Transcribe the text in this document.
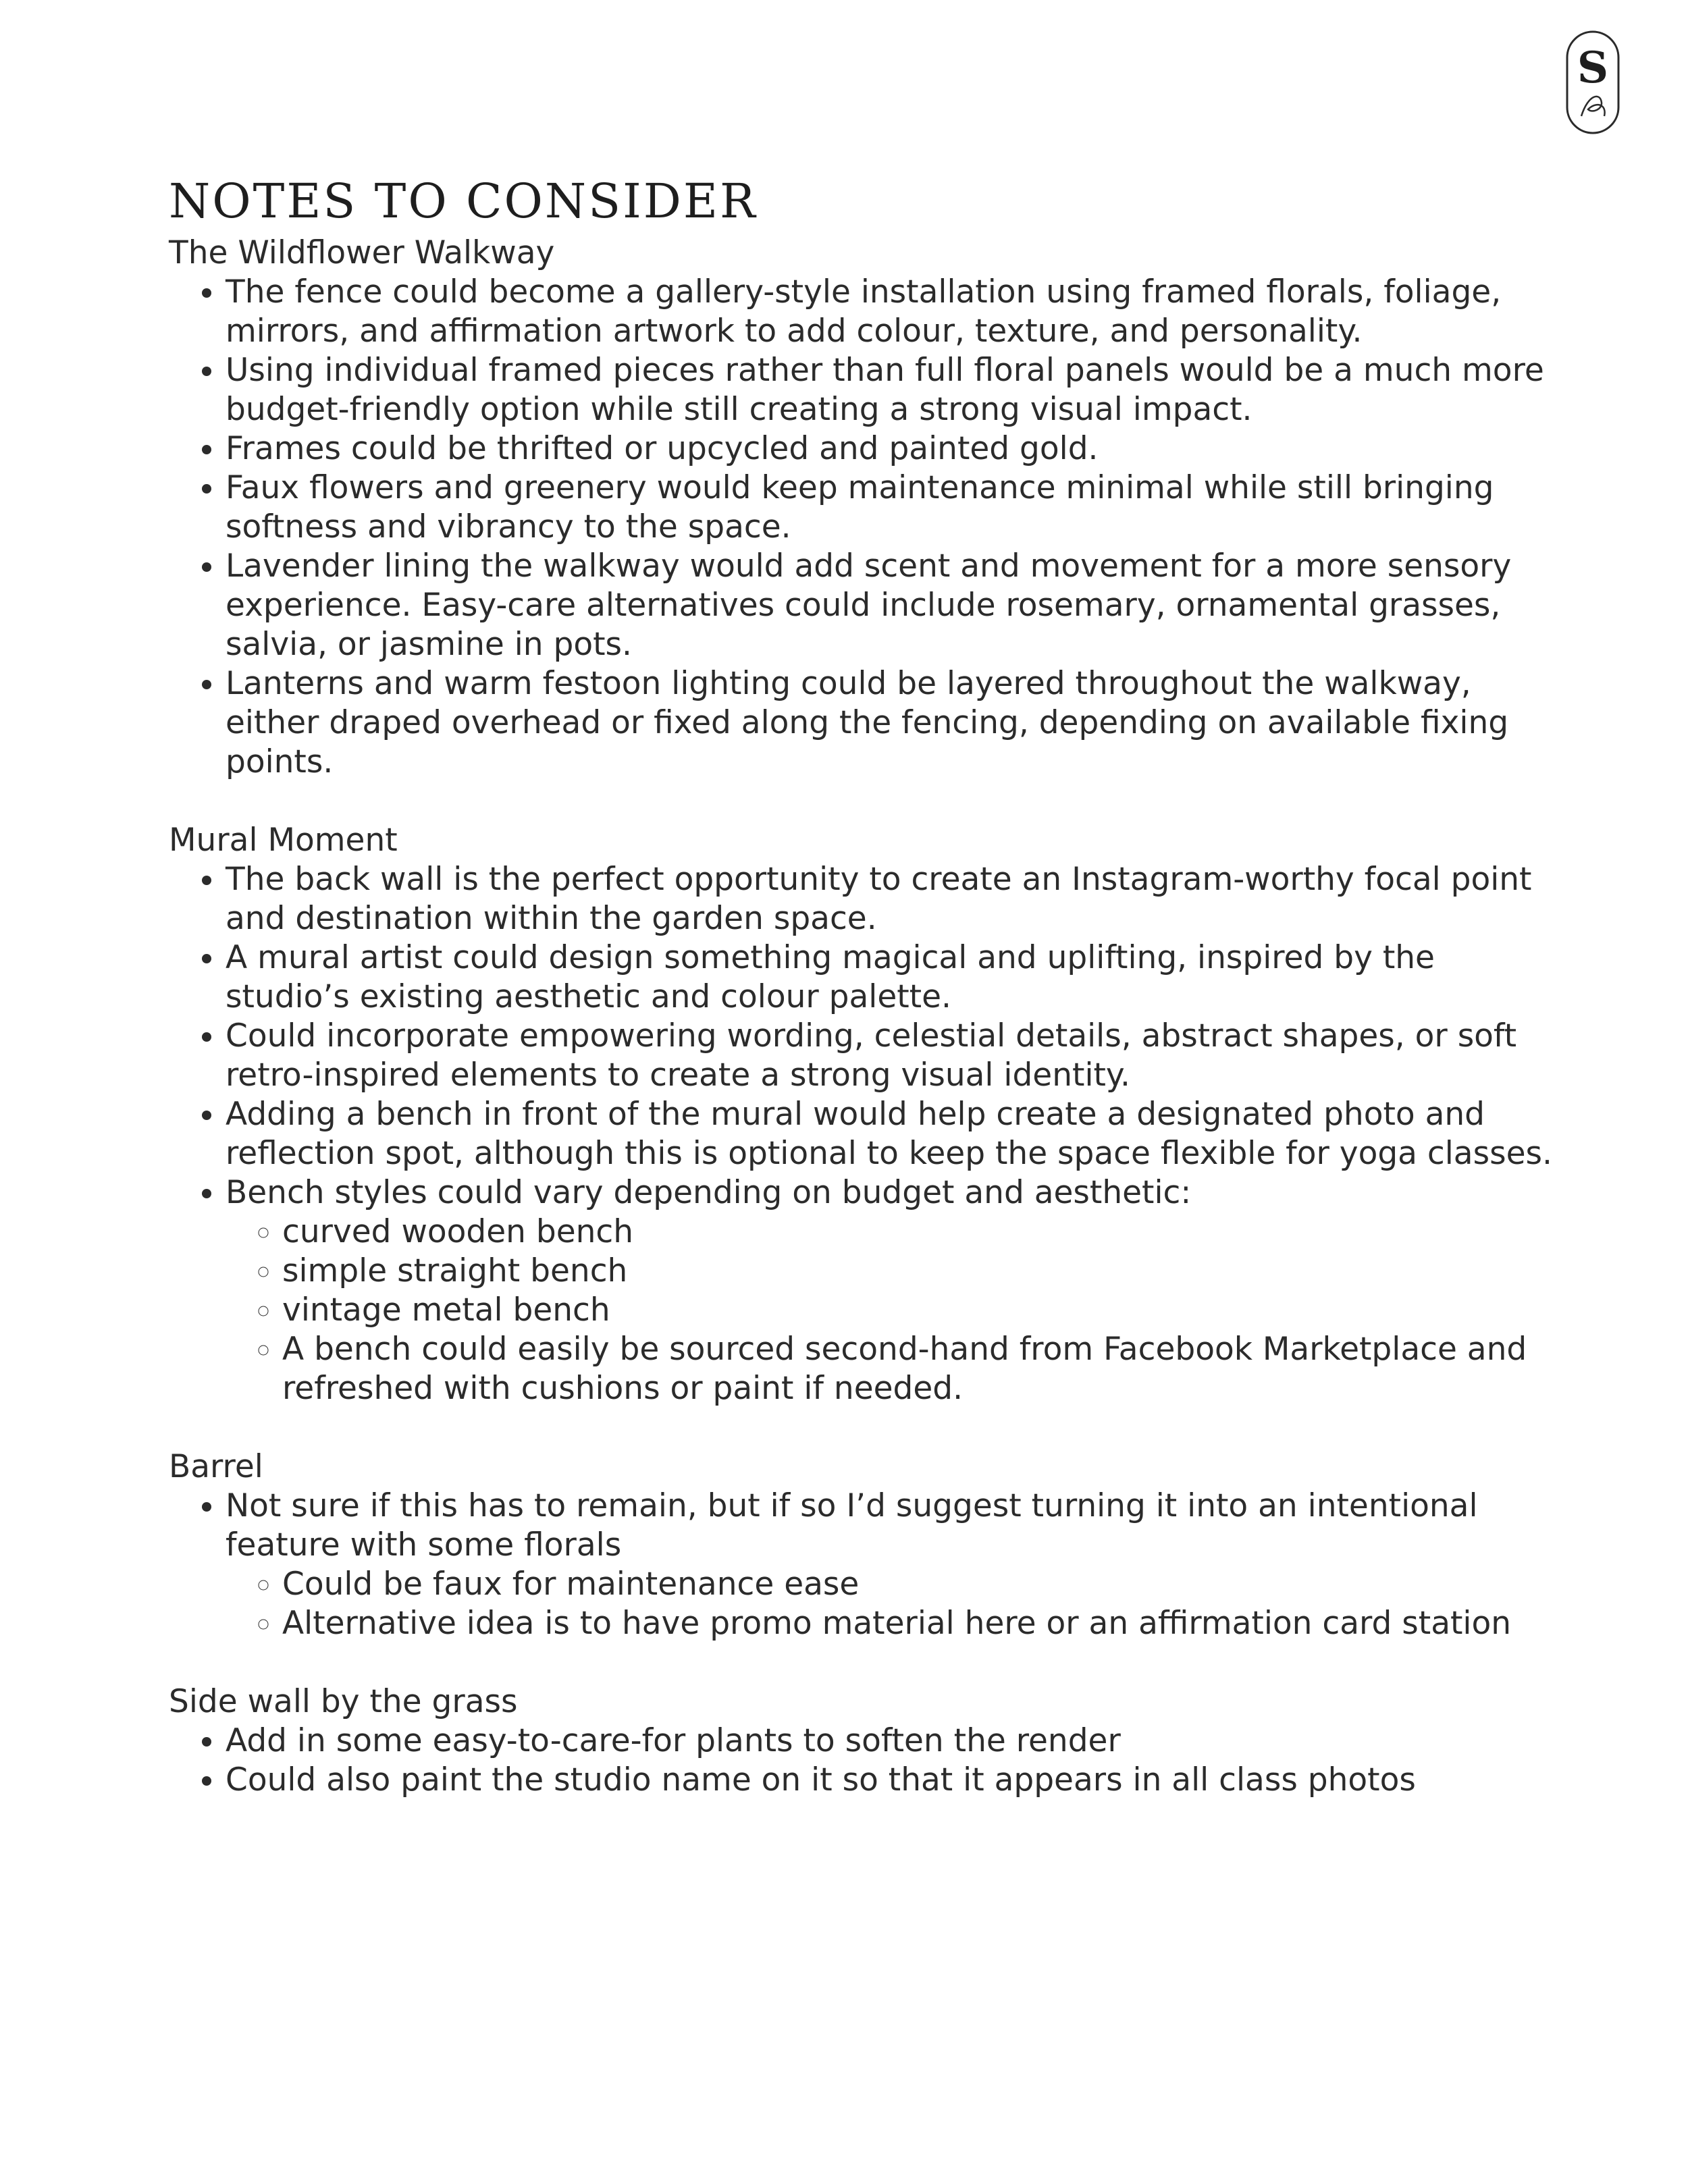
S
NOTES TO CONSIDER
The Wildflower Walkway
• The fence could become a gallery-style installation using framed florals, foliage, mirrors, and affirmation artwork to add colour, texture, and personality.
• Using individual framed pieces rather than full floral panels would be a much more budget-friendly option while still creating a strong visual impact.
• Frames could be thrifted or upcycled and painted gold.
• Faux flowers and greenery would keep maintenance minimal while still bringing softness and vibrancy to the space.
• Lavender lining the walkway would add scent and movement for a more sensory experience. Easy-care alternatives could include rosemary, ornamental grasses, salvia, or jasmine in pots.
• Lanterns and warm festoon lighting could be layered throughout the walkway, either draped overhead or fixed along the fencing, depending on available fixing points.
Mural Moment
• The back wall is the perfect opportunity to create an Instagram-worthy focal point and destination within the garden space.
• A mural artist could design something magical and uplifting, inspired by the studio’s existing aesthetic and colour palette.
• Could incorporate empowering wording, celestial details, abstract shapes, or soft retro-inspired elements to create a strong visual identity.
• Adding a bench in front of the mural would help create a designated photo and reflection spot, although this is optional to keep the space flexible for yoga classes.
• Bench styles could vary depending on budget and aesthetic:
◦ curved wooden bench
◦ simple straight bench
◦ vintage metal bench
◦ A bench could easily be sourced second-hand from Facebook Marketplace and refreshed with cushions or paint if needed.
Barrel
• Not sure if this has to remain, but if so I’d suggest turning it into an intentional feature with some florals
◦ Could be faux for maintenance ease
◦ Alternative idea is to have promo material here or an affirmation card station
Side wall by the grass
• Add in some easy-to-care-for plants to soften the render
• Could also paint the studio name on it so that it appears in all class photos
